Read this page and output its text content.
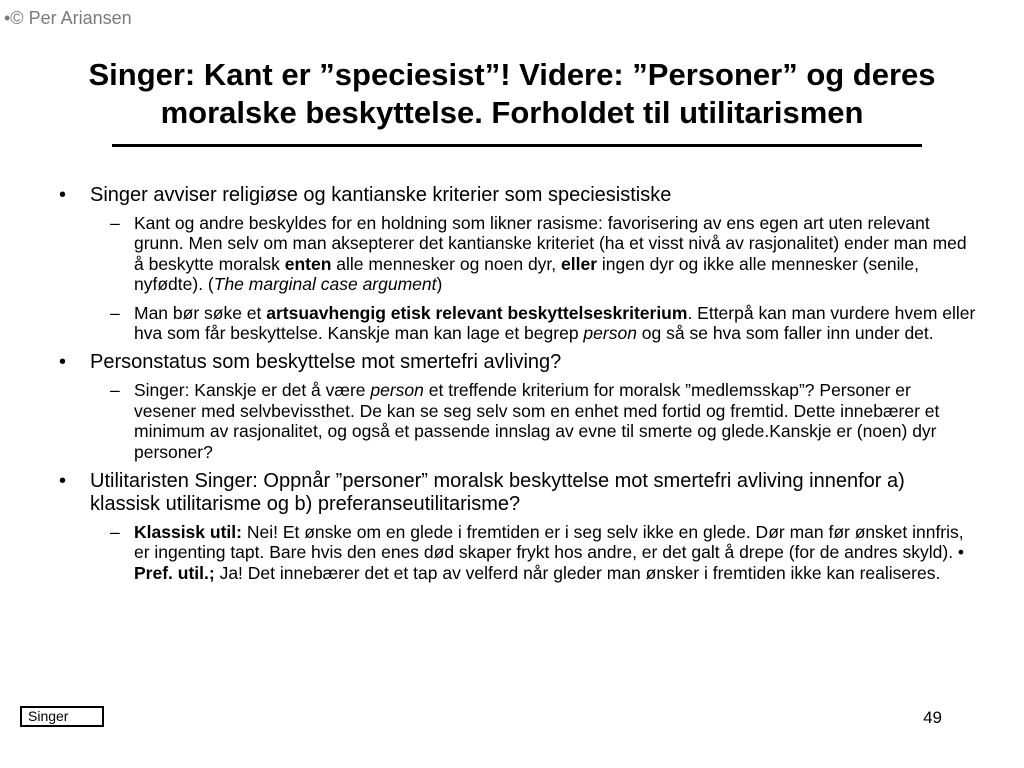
•© Per Ariansen
Singer: Kant er ”speciesist”! Videre: ”Personer” og deres
moralske beskyttelse. Forholdet til utilitarismen
• Singer avviser religiøse og kantianske kriterier som speciesistiske
– Kant og andre beskyldes for en holdning som likner rasisme: favorisering av ens egen art uten relevant grunn. Men selv om man aksepterer det kantianske kriteriet (ha et visst nivå av rasjonalitet) ender man med å beskytte moralsk enten alle mennesker og noen dyr, eller ingen dyr og ikke alle mennesker (senile, nyfødte). (The marginal case argument)
– Man bør søke et artsuavhengig etisk relevant beskyttelseskriterium. Etterpå kan man vurdere hvem eller hva som får beskyttelse. Kanskje man kan lage et begrep person og så se hva som faller inn under det.
• Personstatus som beskyttelse mot smertefri avliving?
– Singer: Kanskje er det å være person et treffende kriterium for moralsk ”medlemsskap”? Personer er vesener med selvbevissthet. De kan se seg selv som en enhet med fortid og fremtid. Dette innebærer et minimum av rasjonalitet, og også et passende innslag av evne til smerte og glede.Kanskje er (noen) dyr personer?
• Utilitaristen Singer: Oppnår ”personer” moralsk beskyttelse mot smertefri avliving innenfor a) klassisk utilitarisme og b) preferanseutilitarisme?
– Klassisk util: Nei! Et ønske om en glede i fremtiden er i seg selv ikke en glede. Dør man før ønsket innfris, er ingenting tapt. Bare hvis den enes død skaper frykt hos andre, er det galt å drepe (for de andres skyld). • Pref. util.; Ja! Det innebærer det et tap av velferd når gleder man ønsker i fremtiden ikke kan realiseres.
Singer	49
